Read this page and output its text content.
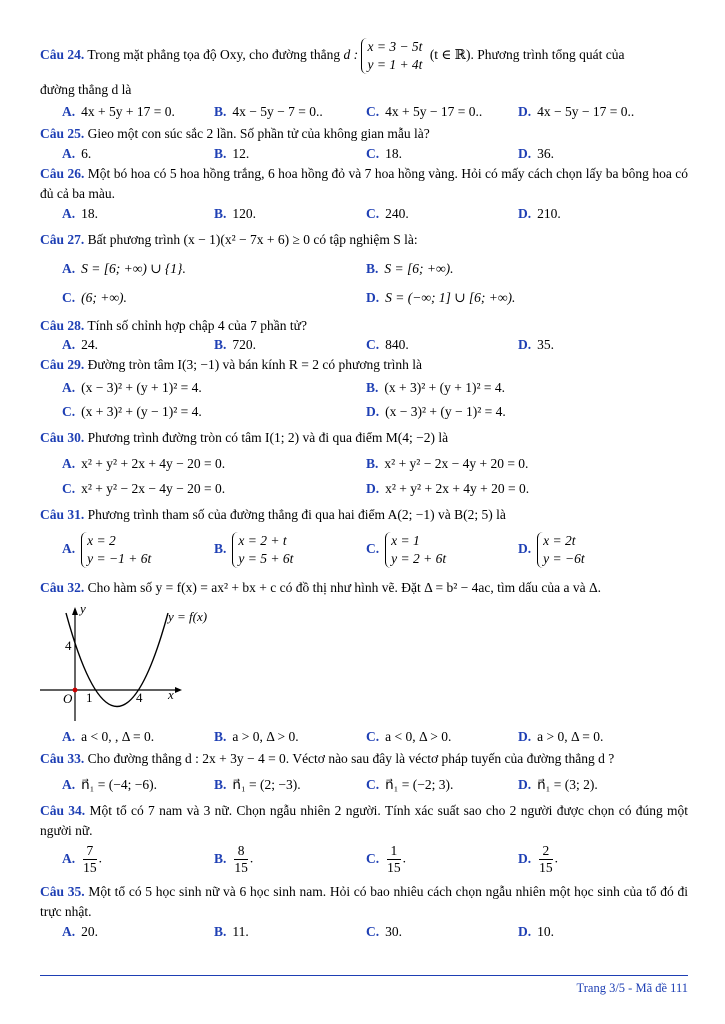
Câu 24. Trong mặt phẳng tọa độ Oxy, cho đường thẳng d : x = 3 − 5t
y = 1 + 4t (t ∈ ℝ). Phương trình tổng quát của
đường thẳng d là
A. 4x + 5y + 17 = 0.	B. 4x − 5y − 7 = 0..	C. 4x + 5y − 17 = 0..	D. 4x − 5y − 17 = 0..
Câu 25. Gieo một con súc sắc 2 lần. Số phần tử của không gian mẫu là?
A. 6.	B. 12.	C. 18.	D. 36.
Câu 26. Một bó hoa có 5 hoa hồng trắng, 6 hoa hồng đỏ và 7 hoa hồng vàng. Hỏi có mấy cách chọn lấy ba bông hoa có đủ cả ba màu.
A. 18.	B. 120.	C. 240.	D. 210.
Câu 27. Bất phương trình (x − 1)(x² − 7x + 6) ≥ 0 có tập nghiệm S là:
A. S = [6; +∞) ∪ {1}.	B. S = [6; +∞).
C. (6; +∞).	D. S = (−∞; 1] ∪ [6; +∞).
Câu 28. Tính số chỉnh hợp chập 4 của 7 phần tử?
A. 24.	B. 720.	C. 840.	D. 35.
Câu 29. Đường tròn tâm I(3; −1) và bán kính R = 2 có phương trình là
A. (x − 3)² + (y + 1)² = 4.	B. (x + 3)² + (y + 1)² = 4.
C. (x + 3)² + (y − 1)² = 4.	D. (x − 3)² + (y − 1)² = 4.
Câu 30. Phương trình đường tròn có tâm I(1; 2) và đi qua điểm M(4; −2) là
A. x² + y² + 2x + 4y − 20 = 0.	B. x² + y² − 2x − 4y + 20 = 0.
C. x² + y² − 2x − 4y − 20 = 0.	D. x² + y² + 2x + 4y + 20 = 0.
Câu 31. Phương trình tham số của đường thẳng đi qua hai điểm A(2; −1) và B(2; 5) là
A.x = 2
y = −1 + 6t
B.x = 2 + t
y = 5 + 6t
C.x = 1
y = 2 + 6t
D.x = 2t
y = −6t
Câu 32. Cho hàm số y = f(x) = ax² + bx + c có đồ thị như hình vẽ. Đặt Δ = b² − 4ac, tìm dấu của a và Δ.
y
x
O 1	4
4
y = f(x)
A. a < 0, , Δ = 0.	B. a > 0, Δ > 0.	C. a < 0, Δ > 0.	D. a > 0, Δ = 0.
Câu 33. Cho đường thẳng d : 2x + 3y − 4 = 0. Véctơ nào sau đây là véctơ pháp tuyến của đường thẳng d ?
A. n⃗₁ = (−4; −6).	B. n⃗₁ = (2; −3).	C. n⃗₁ = (−2; 3).	D. n⃗₁ = (3; 2).
Câu 34. Một tổ có 7 nam và 3 nữ. Chọn ngẫu nhiên 2 người. Tính xác suất sao cho 2 người được chọn có đúng một người nữ.
A. $\frac{7}{15}$ .	B. $\frac{8}{15}$ .	C. $\frac{1}{15}$ .	D. $\frac{2}{15}$ .
Câu 35. Một tổ có 5 học sinh nữ và 6 học sinh nam. Hỏi có bao nhiêu cách chọn ngẫu nhiên một học sinh của tổ đó đi trực nhật.
A. 20.	B. 11.	C. 30.	D. 10.
Trang 3/5 - Mã đề 111
